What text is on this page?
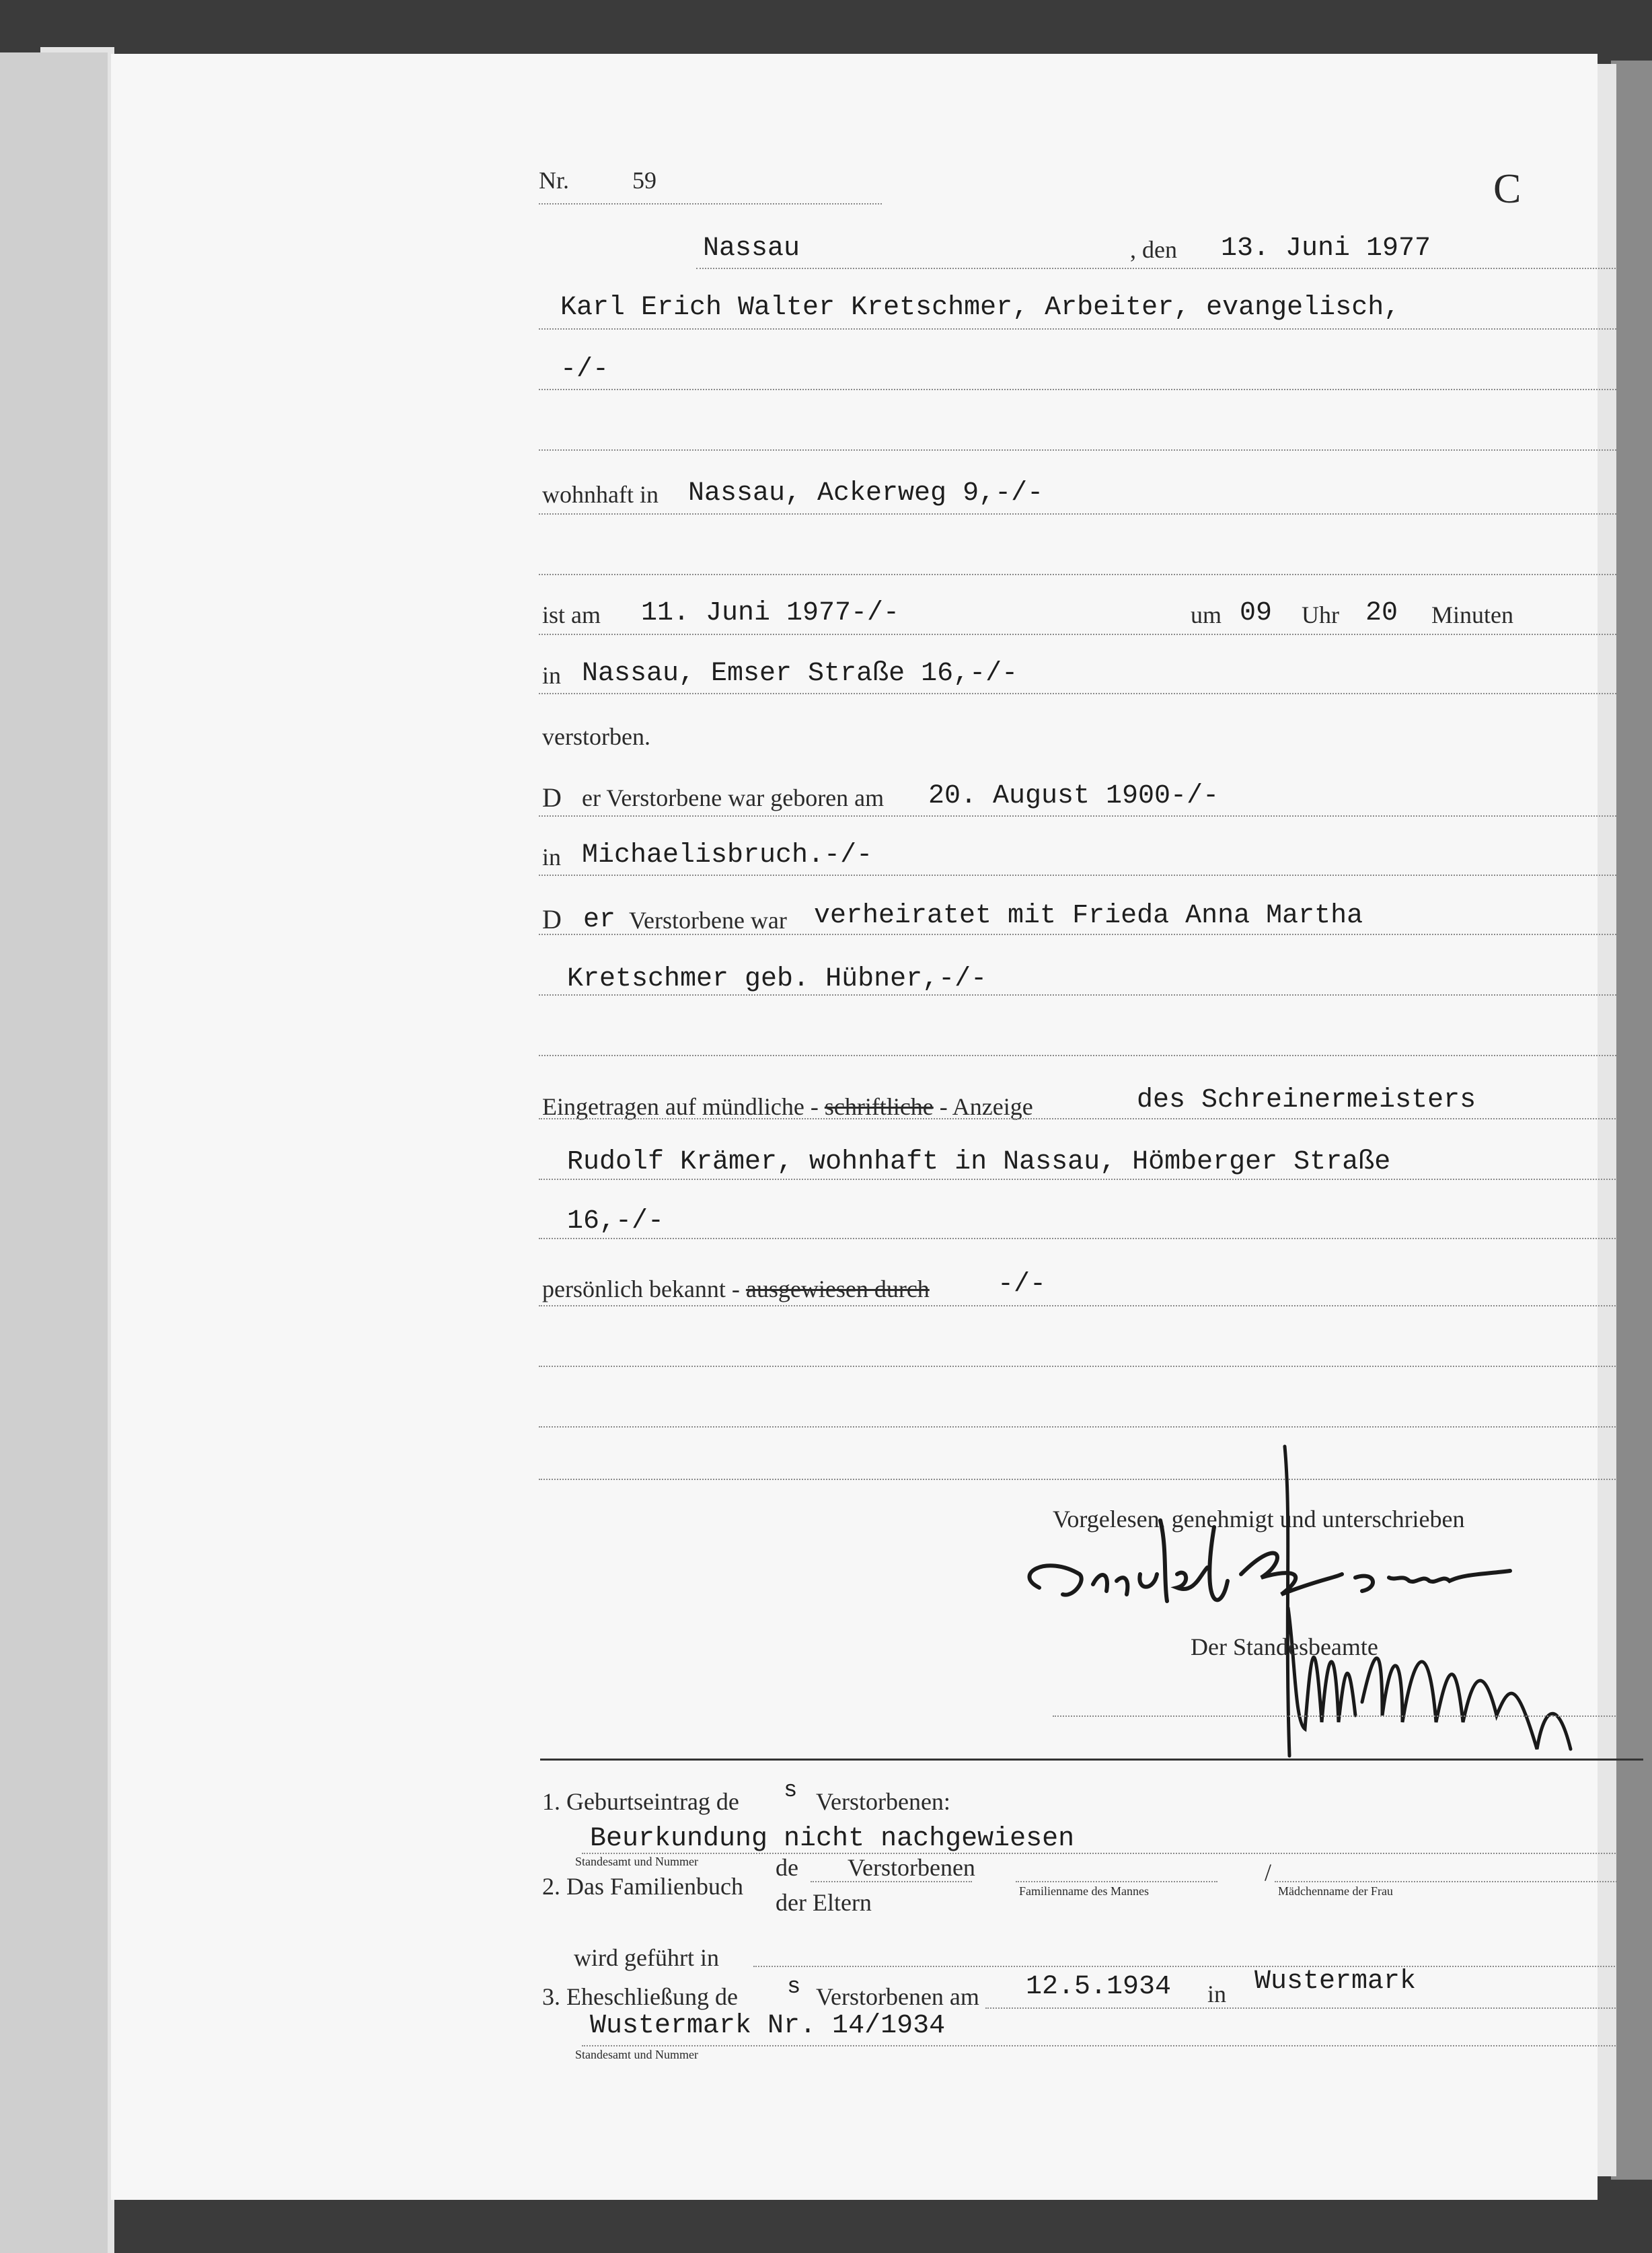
Nr.	59	C
Nassau	, den 13. Juni 1977
Karl Erich Walter Kretschmer, Arbeiter, evangelisch,
-/-
wohnhaft in Nassau, Ackerweg 9,-/-
ist am 11. Juni 1977-/-	um 09 Uhr 20 Minuten
in Nassau, Emser Straße 16,-/-
verstorben.
D er Verstorbene war geboren am 20. August 1900-/-
in Michaelisbruch.-/-
D er Verstorbene war verheiratet mit Frieda Anna Martha
Kretschmer geb. Hübner,-/-
Eingetragen auf mündliche - schriftliche - Anzeige	des Schreinermeisters
Rudolf Krämer, wohnhaft in Nassau, Hömberger Straße
16,-/-
persönlich bekannt - ausgewiesen durch	-/-
Vorgelesen, genehmigt und unterschrieben
Der Standesbeamte
1. Geburtseintrag de s Verstorbenen:
Beurkundung nicht nachgewiesen
Standesamt und Nummer
2. Das Familienbuch
de
der Eltern
Verstorbenen	/
Familienname des Mannes	Mädchenname der Frau
wird geführt in
3. Eheschließung de s Verstorbenen am 12.5.1934 in Wustermark
Wustermark Nr. 14/1934
Standesamt und Nummer
